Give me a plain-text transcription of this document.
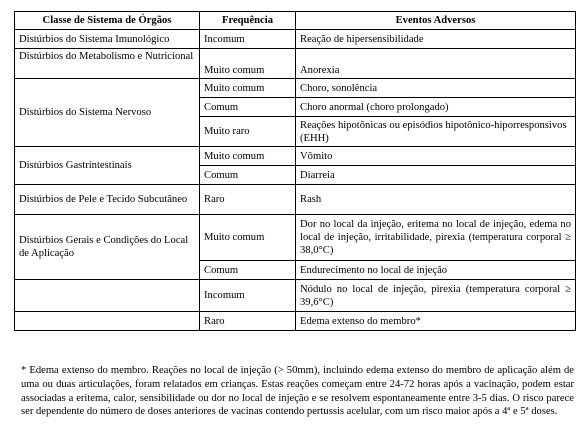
Classe de Sistema de Órgãos	Frequência	Eventos Adversos
Distúrbios do Sistema Imunológico	Incomum	Reação de hipersensibilidade
Distúrbios do Metabolismo e Nutricional	Muito comum	Anorexia
Distúrbios do Sistema Nervoso	Muito comum	Choro, sonolência
	Comum	Choro anormal (choro prolongado)
	Muito raro	Reações hipotônicas ou episódios hipotônico-hiporresponsivos (EHH)
Distúrbios Gastrintestinais	Muito comum	Vômito
	Comum	Diarreia
Distúrbios de Pele e Tecido Subcutâneo	Raro	Rash
Distúrbios Gerais e Condições do Local de Aplicação	Muito comum	Dor no local da injeção, eritema no local de injeção, edema no local de injeção, irritabilidade, pirexia (temperatura corporal ≥ 38,0°C)
	Comum	Endurecimento no local de injeção
	Incomum	Nódulo no local de injeção, pirexia (temperatura corporal ≥ 39,6°C)
	Raro	Edema extenso do membro*
* Edema extenso do membro. Reações no local de injeção (> 50mm), incluindo edema extenso do membro de aplicação além de uma ou duas articulações, foram relatados em crianças. Estas reações começam entre 24-72 horas após a vacinação, podem estar associadas a eritema, calor, sensibilidade ou dor no local de injeção e se resolvem espontaneamente entre 3-5 dias. O risco parece ser dependente do número de doses anteriores de vacinas contendo pertussis acelular, com um risco maior após a 4ª e 5ª doses.
